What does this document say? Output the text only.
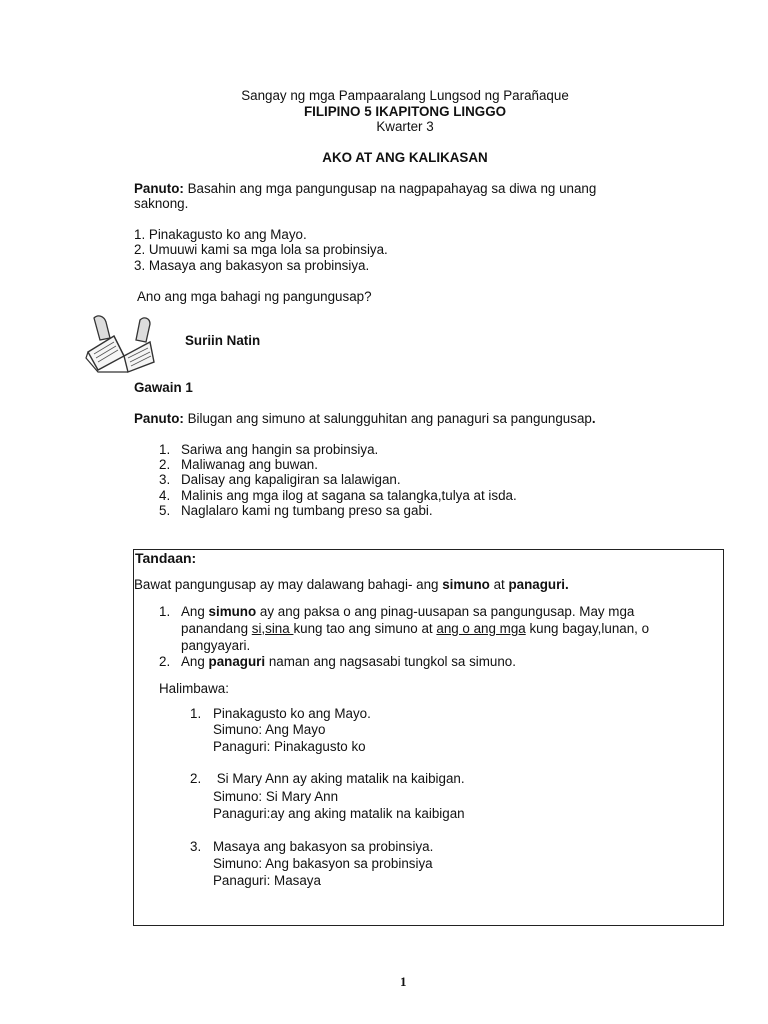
Sangay ng mga Pampaaralang Lungsod ng Parañaque
FILIPINO 5 IKAPITONG LINGGO
Kwarter 3
AKO AT ANG KALIKASAN
Panuto: Basahin ang mga pangungusap na nagpapahayag sa diwa ng unang
saknong.
1. Pinakagusto ko ang Mayo.
2. Umuuwi kami sa mga lola sa probinsiya.
3. Masaya ang bakasyon sa probinsiya.
Ano ang mga bahagi ng pangungusap?
Suriin Natin
Gawain 1
Panuto: Bilugan ang simuno at salungguhitan ang panaguri sa pangungusap.
1. Sariwa ang hangin sa probinsiya.
2. Maliwanag ang buwan.
3. Dalisay ang kapaligiran sa lalawigan.
4. Malinis ang mga ilog at sagana sa talangka,tulya at isda.
5. Naglalaro kami ng tumbang preso sa gabi.
Tandaan:
Bawat pangungusap ay may dalawang bahagi- ang simuno at panaguri.
1. Ang simuno ay ang paksa o ang pinag-uusapan sa pangungusap. May mga
panandang si,sina kung tao ang simuno at ang o ang mga kung bagay,lunan, o
pangyayari.
2. Ang panaguri naman ang nagsasabi tungkol sa simuno.
Halimbawa:
1. Pinakagusto ko ang Mayo.
Simuno: Ang Mayo
Panaguri: Pinakagusto ko
2. Si Mary Ann ay aking matalik na kaibigan.
Simuno: Si Mary Ann
Panaguri:ay ang aking matalik na kaibigan
3. Masaya ang bakasyon sa probinsiya.
Simuno: Ang bakasyon sa probinsiya
Panaguri: Masaya
1
